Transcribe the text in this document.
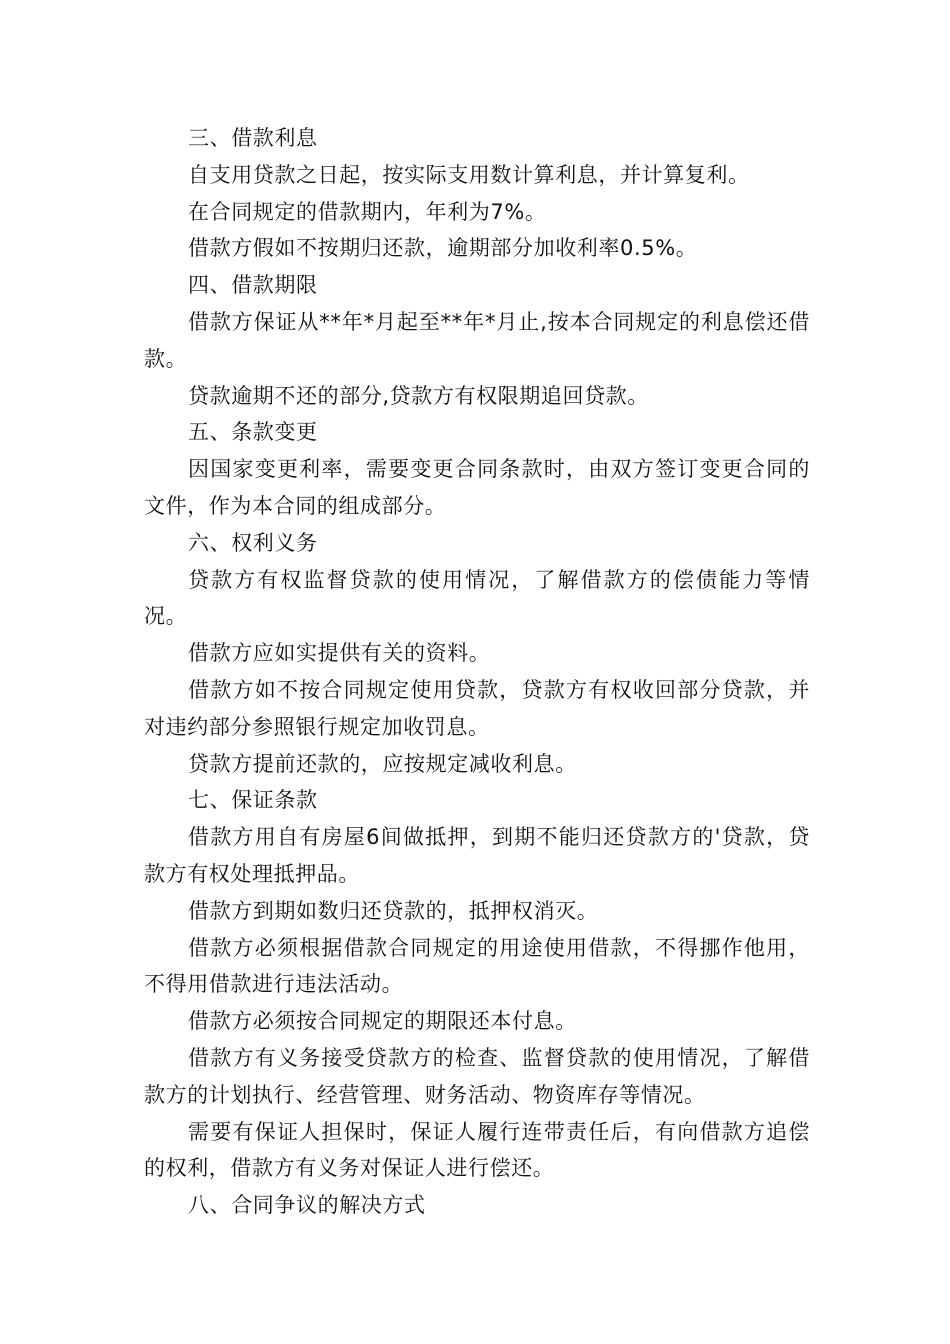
三、借款利息

自支用贷款之日起，按实际支用数计算利息，并计算复利。

在合同规定的借款期内，年利为7%。

借款方假如不按期归还款，逾期部分加收利率0.5%。

四、借款期限

借款方保证从**年*月起至**年*月止,按本合同规定的利息偿还借款。

贷款逾期不还的部分,贷款方有权限期追回贷款。

五、条款变更

因国家变更利率，需要变更合同条款时，由双方签订变更合同的文件，作为本合同的组成部分。

六、权利义务

贷款方有权监督贷款的使用情况，了解借款方的偿债能力等情况。

借款方应如实提供有关的资料。

借款方如不按合同规定使用贷款，贷款方有权收回部分贷款，并对违约部分参照银行规定加收罚息。

贷款方提前还款的，应按规定减收利息。

七、保证条款

借款方用自有房屋6间做抵押，到期不能归还贷款方的'贷款，贷款方有权处理抵押品。

借款方到期如数归还贷款的，抵押权消灭。

借款方必须根据借款合同规定的用途使用借款，不得挪作他用，不得用借款进行违法活动。

借款方必须按合同规定的期限还本付息。

借款方有义务接受贷款方的检查、监督贷款的使用情况，了解借款方的计划执行、经营管理、财务活动、物资库存等情况。

需要有保证人担保时，保证人履行连带责任后，有向借款方追偿的权利，借款方有义务对保证人进行偿还。

八、合同争议的解决方式
